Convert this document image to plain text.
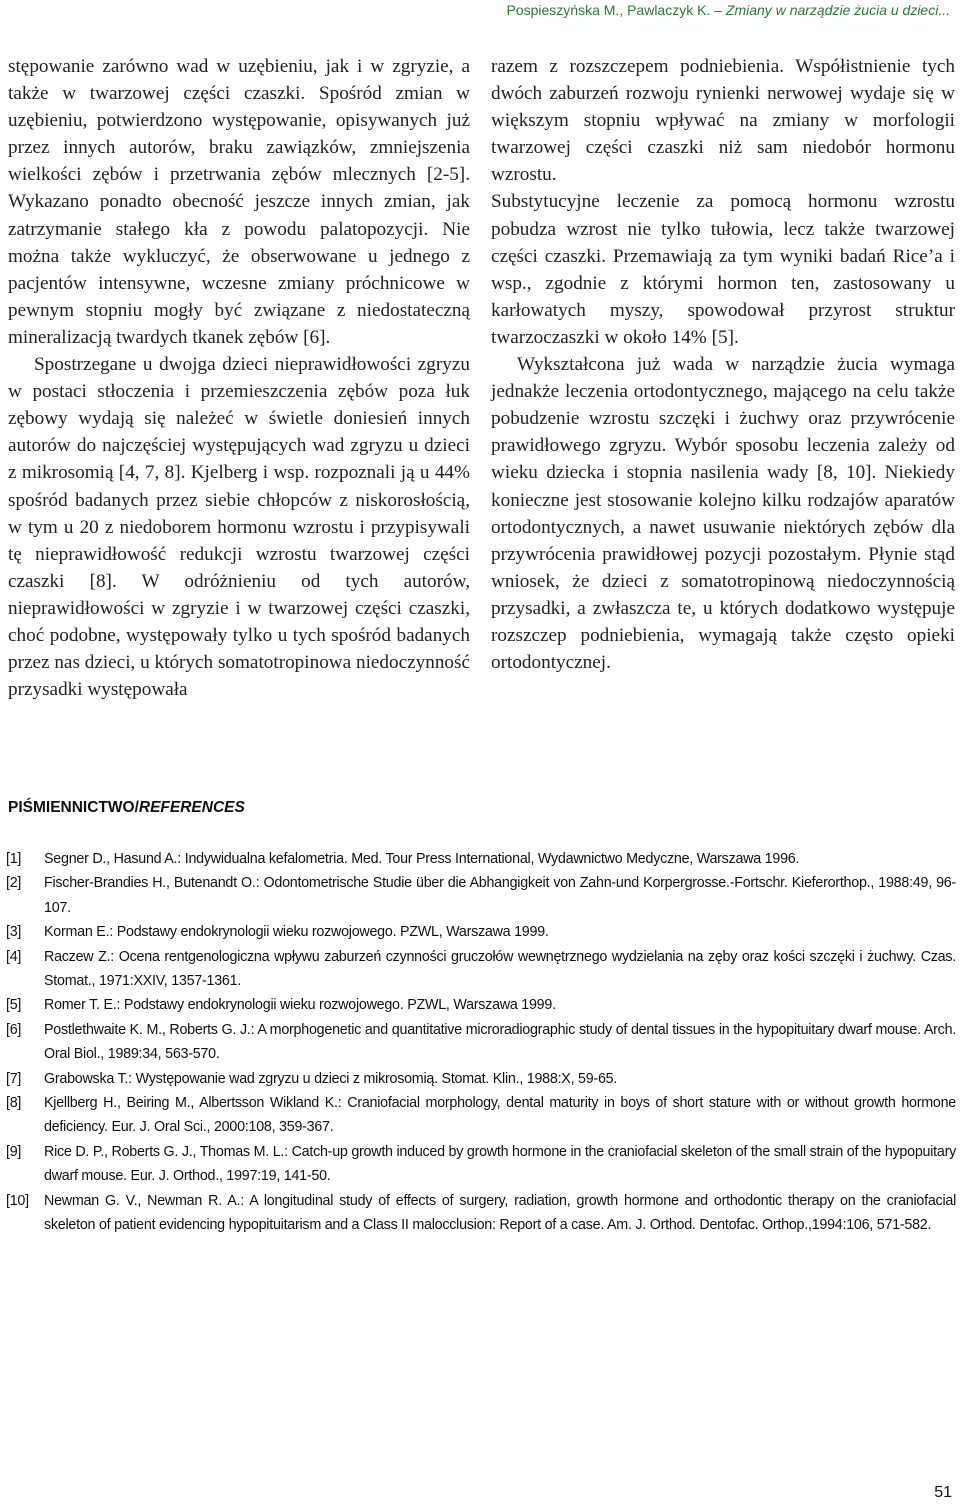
Pospieszyńska M., Pawlaczyk K. – Zmiany w narządzie żucia u dzieci...

stępowanie zarówno wad w uzębieniu, jak i w zgryzie, a także w twarzowej części czaszki. Spośród zmian w uzębieniu, potwierdzono występowanie, opisywanych już przez innych autorów, braku zawiązków, zmniejszenia wielkości zębów i przetrwania zębów mlecznych [2-5]. Wykazano ponadto obecność jeszcze innych zmian, jak zatrzymanie stałego kła z powodu palatopozycji. Nie można także wykluczyć, że obserwowane u jednego z pacjentów intensywne, wczesne zmiany próchnicowe w pewnym stopniu mogły być związane z niedostateczną mineralizacją twardych tkanek zębów [6].

Spostrzegane u dwojga dzieci nieprawidłowości zgryzu w postaci stłoczenia i przemieszczenia zębów poza łuk zębowy wydają się należeć w świetle doniesień innych autorów do najczęściej występujących wad zgryzu u dzieci z mikrosomią [4, 7, 8]. Kjelberg i wsp. rozpoznali ją u 44% spośród badanych przez siebie chłopców z niskorosłością, w tym u 20 z niedoborem hormonu wzrostu i przypisywali tę nieprawidłowość redukcji wzrostu twarzowej części czaszki [8]. W odróżnieniu od tych autorów, nieprawidłowości w zgryzie i w twarzowej części czaszki, choć podobne, występowały tylko u tych spośród badanych przez nas dzieci, u których somatotropinowa niedoczynność przysadki występowała

razem z rozszczepem podniebienia. Współistnienie tych dwóch zaburzeń rozwoju rynienki nerwowej wydaje się w większym stopniu wpływać na zmiany w morfologii twarzowej części czaszki niż sam niedobór hormonu wzrostu.

Substytucyjne leczenie za pomocą hormonu wzrostu pobudza wzrost nie tylko tułowia, lecz także twarzowej części czaszki. Przemawiają za tym wyniki badań Rice’a i wsp., zgodnie z którymi hormon ten, zastosowany u karłowatych myszy, spowodował przyrost struktur twarzoczaszki w około 14% [5].

Wykształcona już wada w narządzie żucia wymaga jednakże leczenia ortodontycznego, mającego na celu także pobudzenie wzrostu szczęki i żuchwy oraz przywrócenie prawidłowego zgryzu. Wybór sposobu leczenia zależy od wieku dziecka i stopnia nasilenia wady [8, 10]. Niekiedy konieczne jest stosowanie kolejno kilku rodzajów aparatów ortodontycznych, a nawet usuwanie niektórych zębów dla przywrócenia prawidłowej pozycji pozostałym. Płynie stąd wniosek, że dzieci z somatotropinową niedoczynnością przysadki, a zwłaszcza te, u których dodatkowo występuje rozszczep podniebienia, wymagają także często opieki ortodontycznej.

PIŚMIENNICTWO/REFERENCES
[1] Segner D., Hasund A.: Indywidualna kefalometria. Med. Tour Press International, Wydawnictwo Medyczne, Warszawa 1996.
[2] Fischer-Brandies H., Butenandt O.: Odontometrische Studie über die Abhangigkeit von Zahn-und Korpergrosse.-Fortschr. Kieferorthop., 1988:49, 96-107.
[3] Korman E.: Podstawy endokrynologii wieku rozwojowego. PZWL, Warszawa 1999.
[4] Raczew Z.: Ocena rentgenologiczna wpływu zaburzeń czynności gruczołów wewnętrznego wydzielania na zęby oraz kości szczęki i żuchwy. Czas. Stomat., 1971:XXIV, 1357-1361.
[5] Romer T. E.: Podstawy endokrynologii wieku rozwojowego. PZWL, Warszawa 1999.
[6] Postlethwaite K. M., Roberts G. J.: A morphogenetic and quantitative microradiographic study of dental tissues in the hypopituitary dwarf mouse. Arch. Oral Biol., 1989:34, 563-570.
[7] Grabowska T.: Występowanie wad zgryzu u dzieci z mikrosomią. Stomat. Klin., 1988:X, 59-65.
[8] Kjellberg H., Beiring M., Albertsson Wikland K.: Craniofacial morphology, dental maturity in boys of short stature with or without growth hormone deficiency. Eur. J. Oral Sci., 2000:108, 359-367.
[9] Rice D. P., Roberts G. J., Thomas M. L.: Catch-up growth induced by growth hormone in the craniofacial skeleton of the small strain of the hypopuitary dwarf mouse. Eur. J. Orthod., 1997:19, 141-50.
[10] Newman G. V., Newman R. A.: A longitudinal study of effects of surgery, radiation, growth hormone and orthodontic therapy on the craniofacial skeleton of patient evidencing hypopituitarism and a Class II malocclusion: Report of a case. Am. J. Orthod. Dentofac. Orthop.,1994:106, 571-582.
51
